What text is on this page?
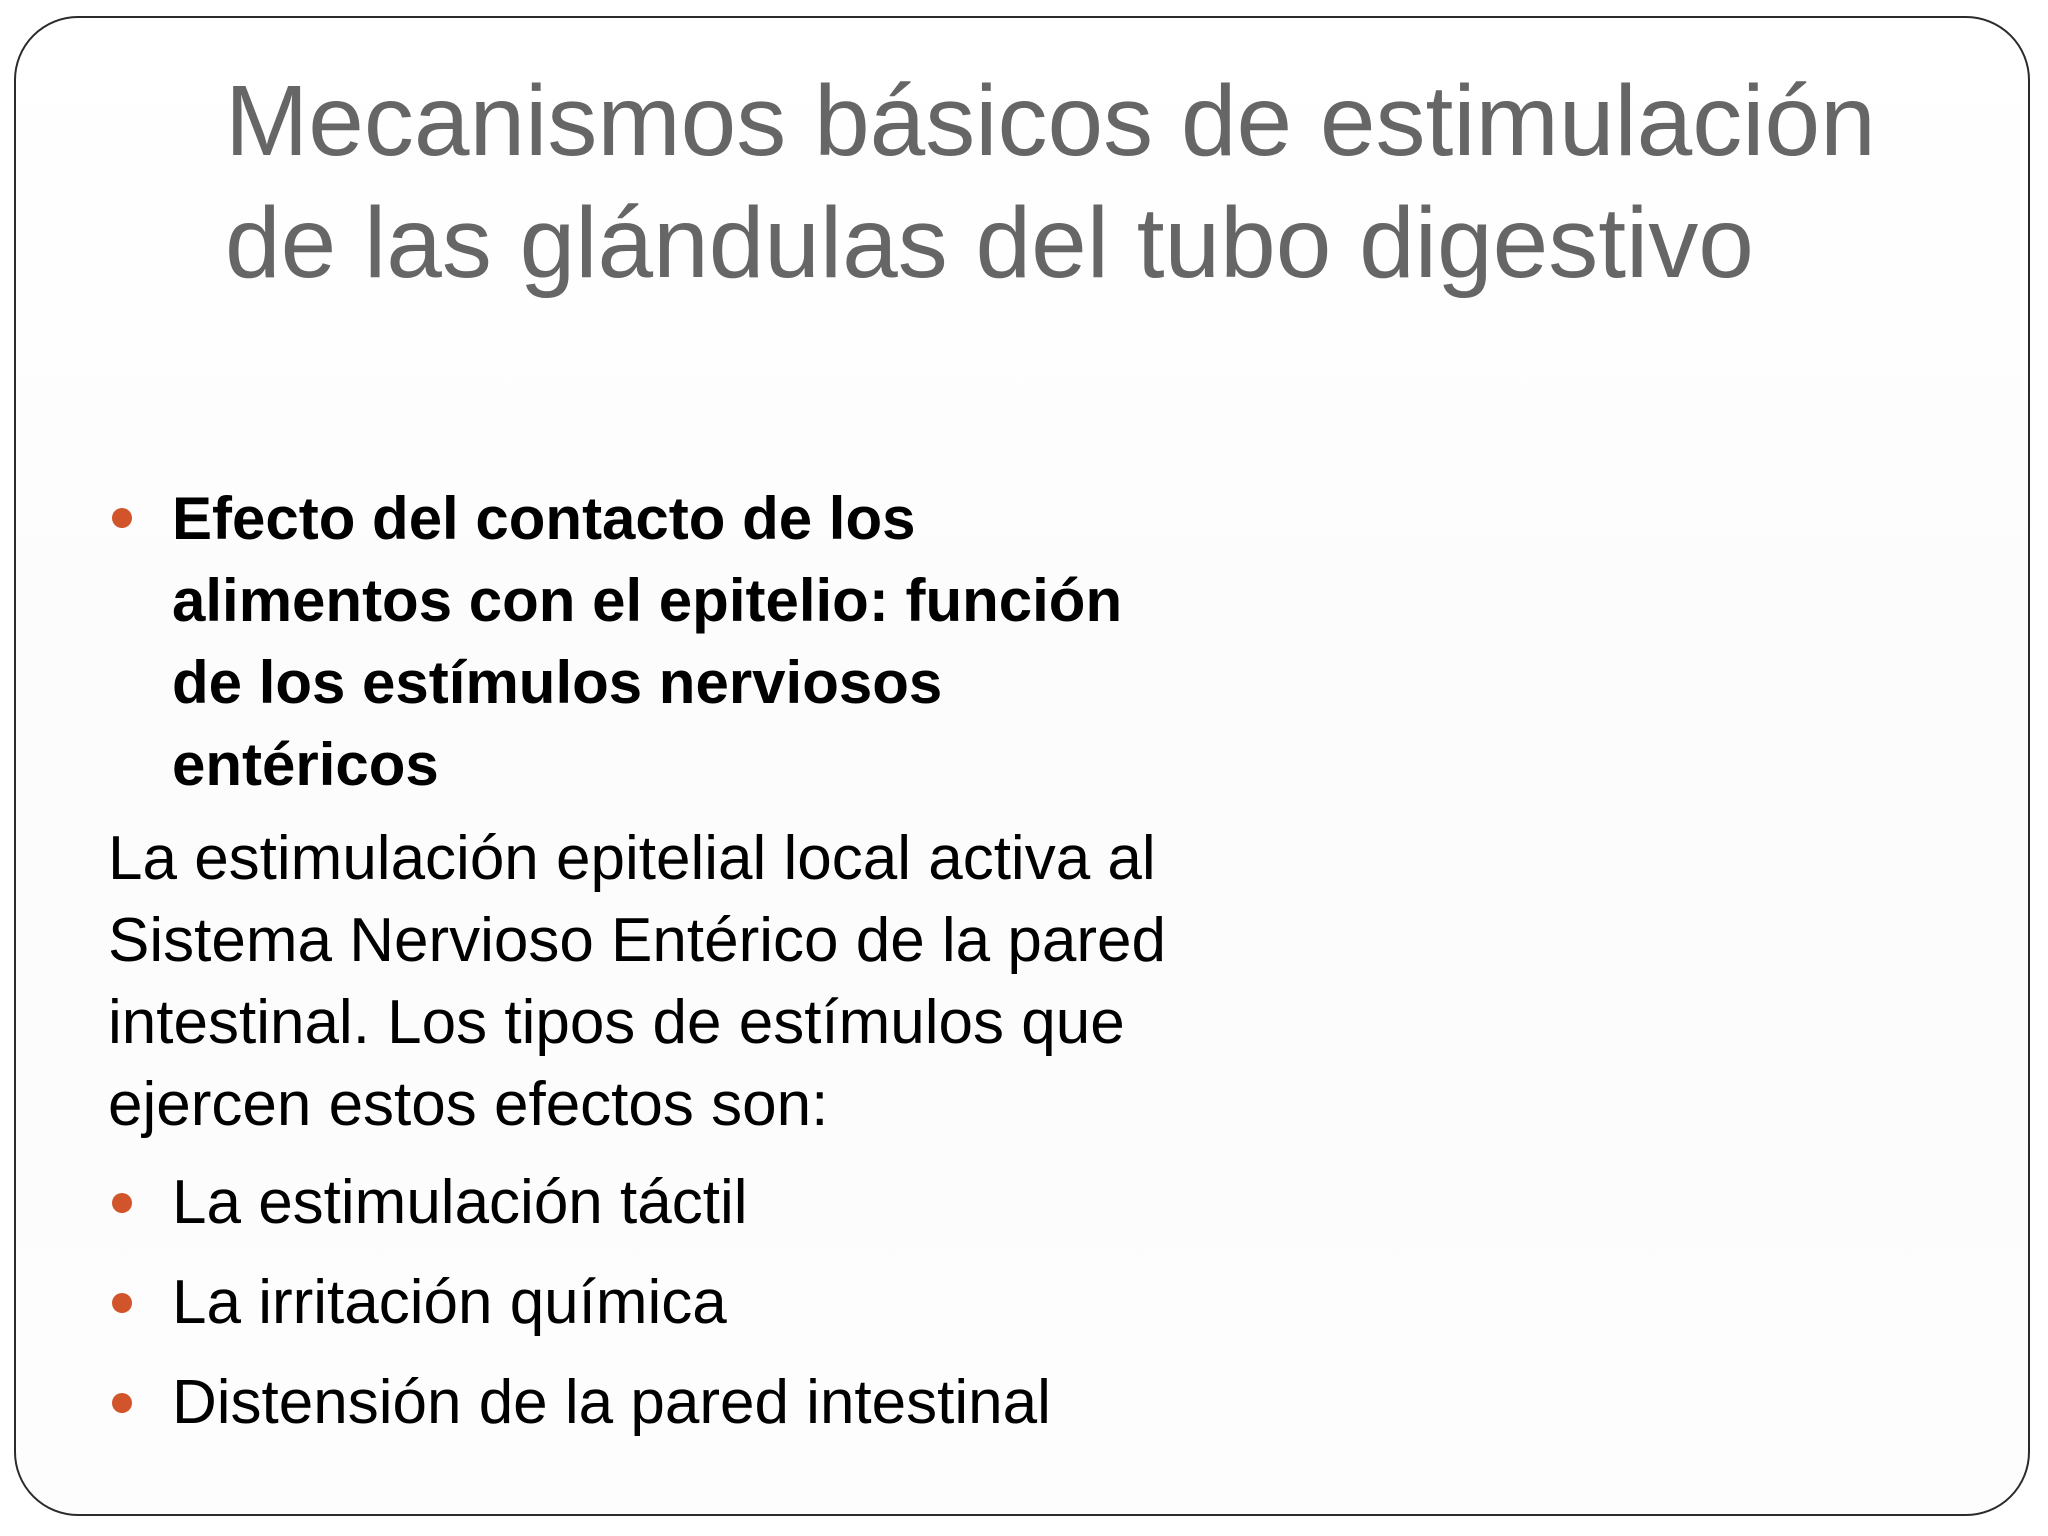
Mecanismos básicos de estimulación
de las glándulas del tubo digestivo
Efecto del contacto de los
alimentos con el epitelio: función
de los estímulos nerviosos
entéricos
La estimulación epitelial local activa al
Sistema Nervioso Entérico de la pared
intestinal. Los tipos de estímulos que
ejercen estos efectos son:
La estimulación táctil
La irritación química
Distensión de la pared intestinal
